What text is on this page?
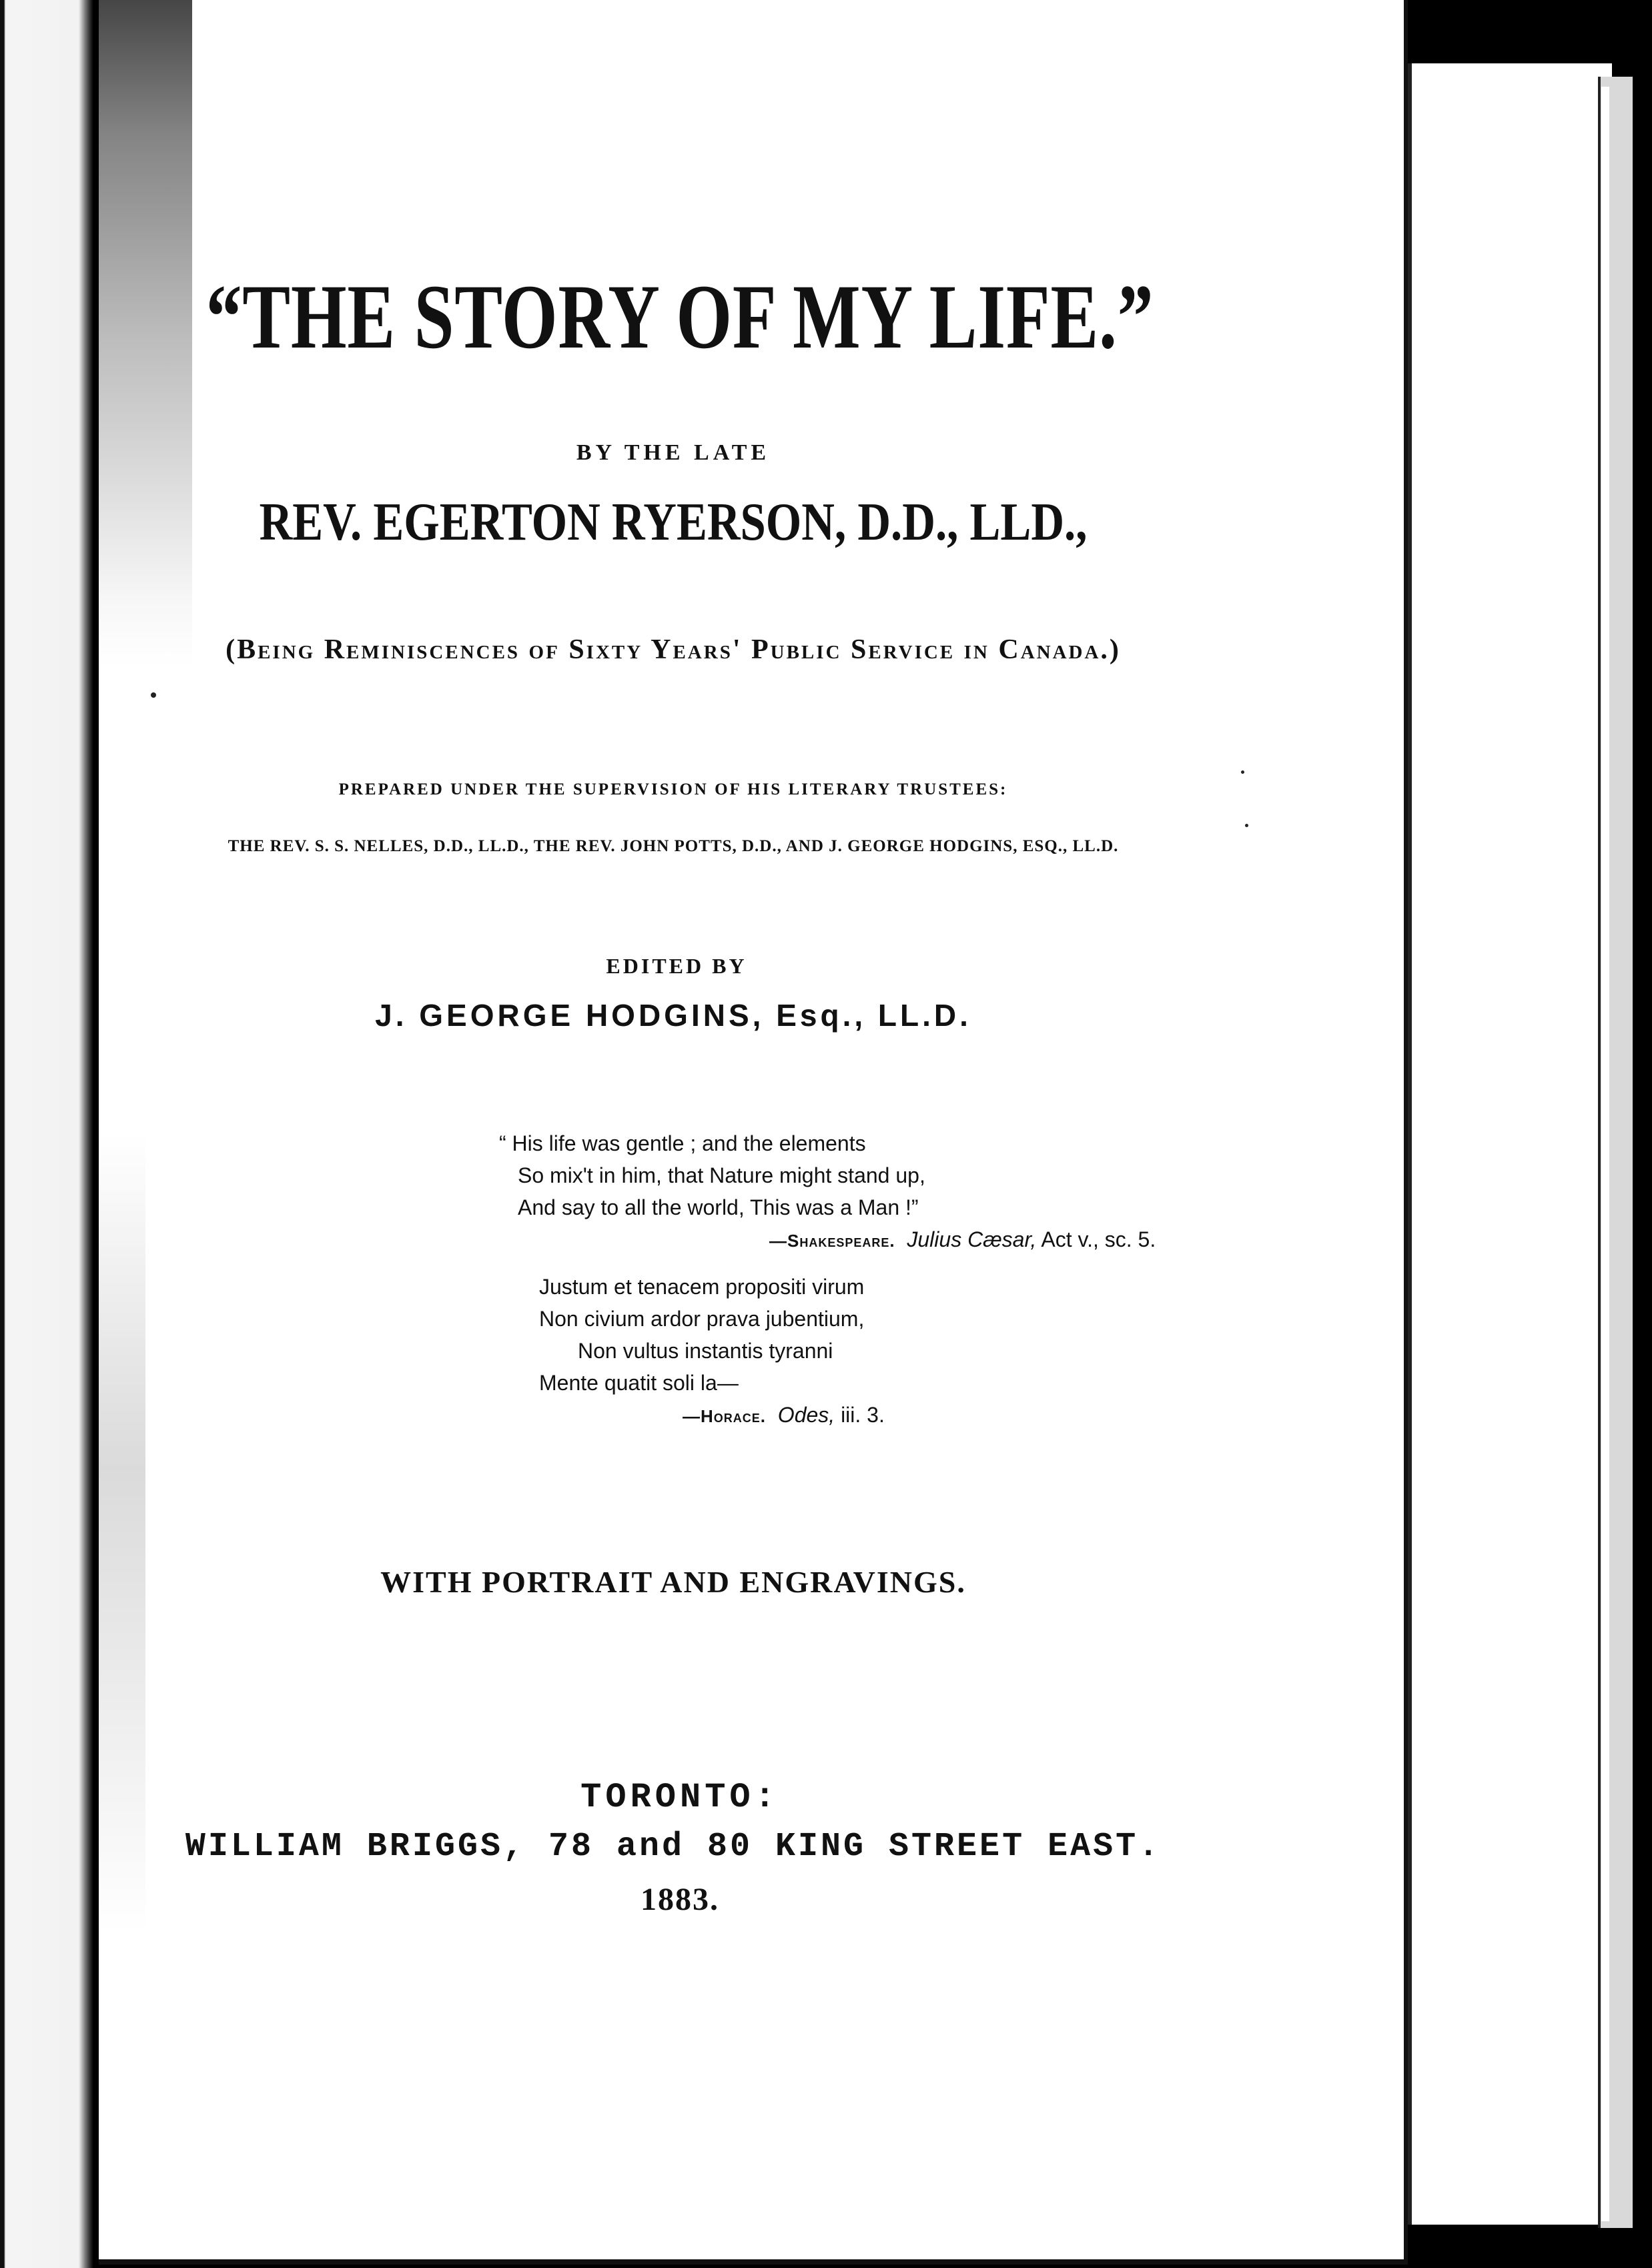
“THE STORY OF MY LIFE.”
BY THE LATE
REV. EGERTON RYERSON, D.D., LLD.,
(Being Reminiscences of Sixty Years' Public Service in Canada.)
PREPARED UNDER THE SUPERVISION OF HIS LITERARY TRUSTEES:
THE REV. S. S. NELLES, D.D., LL.D., THE REV. JOHN POTTS, D.D., AND J. GEORGE HODGINS, ESQ., LL.D.
EDITED BY
J. GEORGE HODGINS, Esq., LL.D.
“ His life was gentle ; and the elements
So mix't in him, that Nature might stand up,
And say to all the world, This was a Man !”
—Shakespeare. Julius Cæsar, Act v., sc. 5.
Justum et tenacem propositi virum
Non civium ardor prava jubentium,
Non vultus instantis tyranni
Mente quatit soli la—
—Horace. Odes, iii. 3.
WITH PORTRAIT AND ENGRAVINGS.
TORONTO:
WILLIAM BRIGGS, 78 and 80 KING STREET EAST.
1883.
